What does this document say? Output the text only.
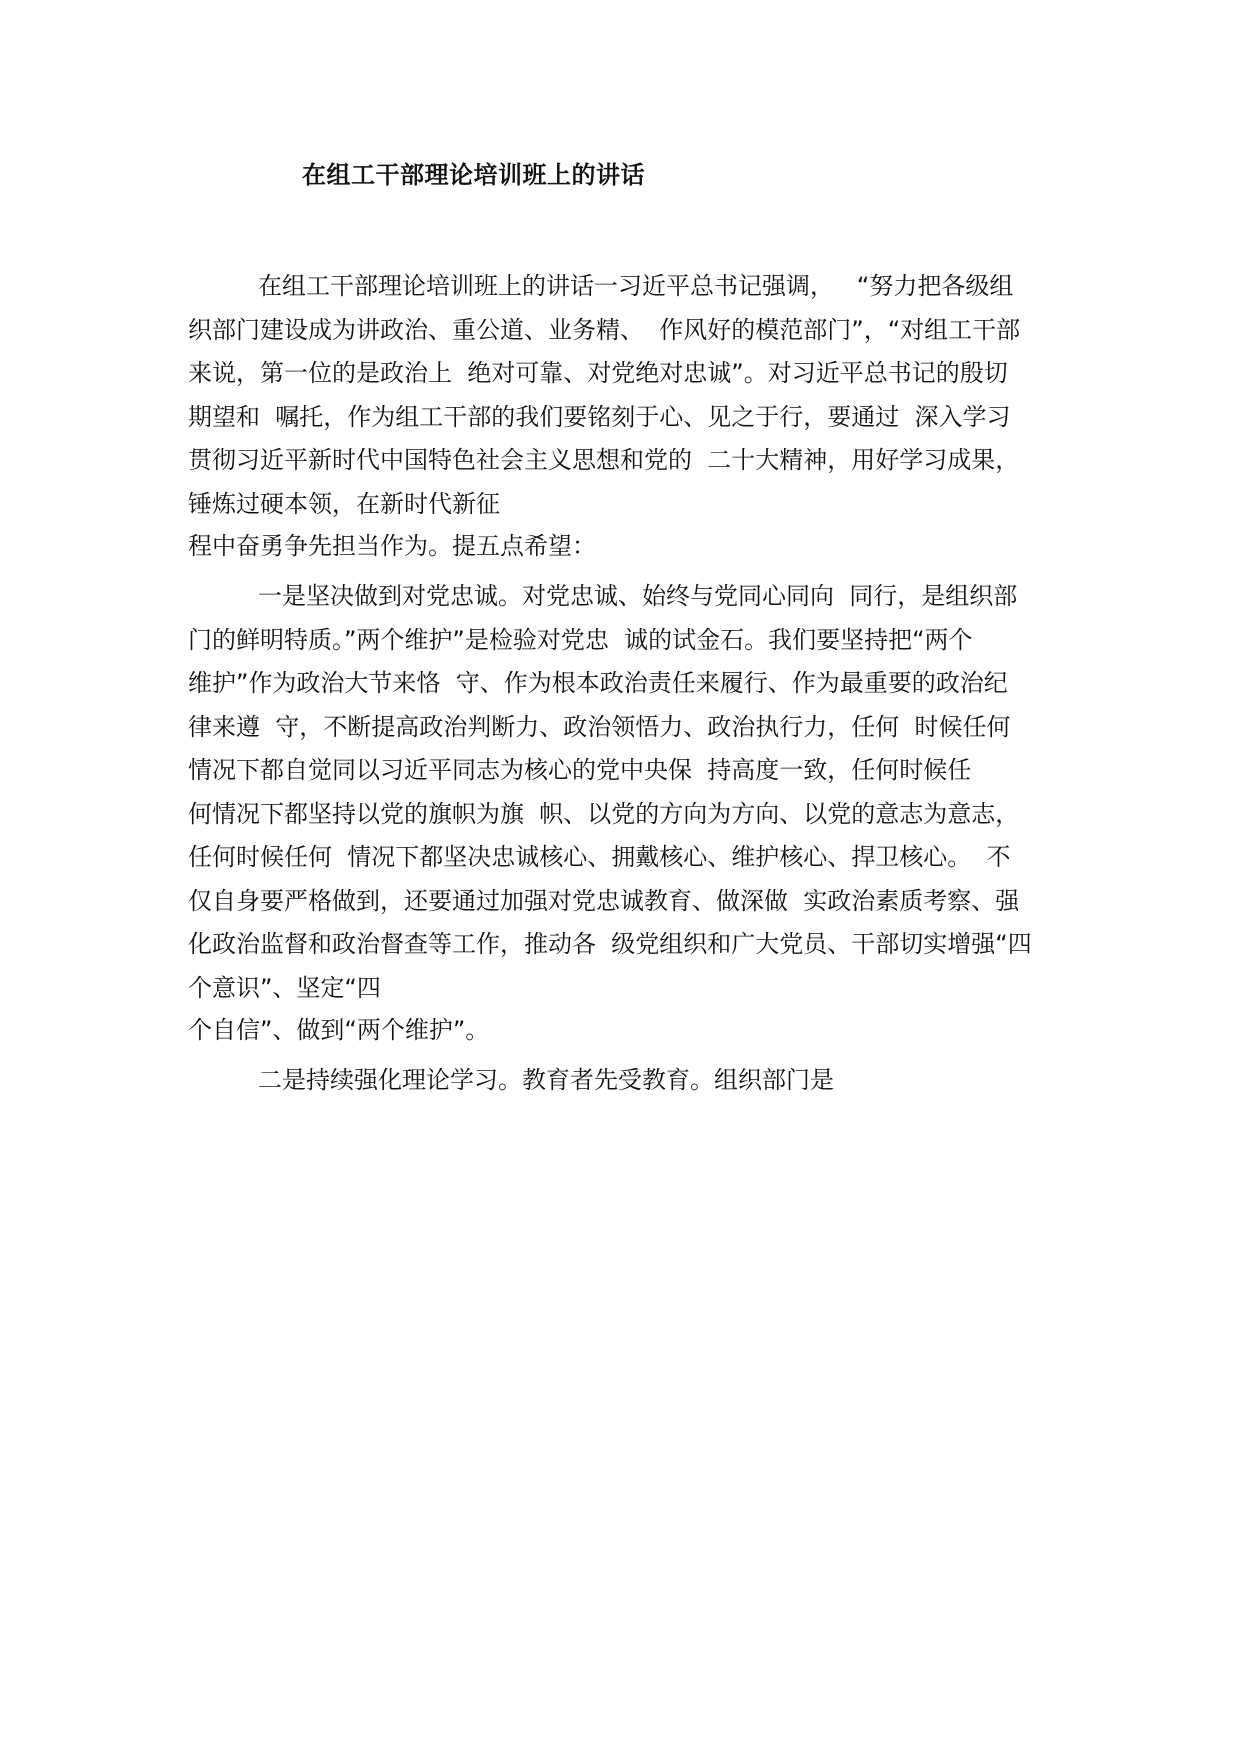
在组工干部理论培训班上的讲话

在组工干部理论培训班上的讲话一习近平总书记强调，   “努力把各级组

织部门建设成为讲政治、重公道、业务精、  作风好的模范部门”，“对组工干部

来说，第一位的是政治上  绝对可靠、对党绝对忠诚”。对习近平总书记的殷切

期望和  嘱托，作为组工干部的我们要铭刻于心、见之于行，要通过  深入学习

贯彻习近平新时代中国特色社会主义思想和党的  二十大精神，用好学习成果，

锤炼过硬本领，在新时代新征

程中奋勇争先担当作为。提五点希望：

一是坚决做到对党忠诚。对党忠诚、始终与党同心同向  同行，是组织部

门的鲜明特质。”两个维护”是检验对党忠  诚的试金石。我们要坚持把“两个

维护”作为政治大节来恪  守、作为根本政治责任来履行、作为最重要的政治纪

律来遵  守，不断提高政治判断力、政治领悟力、政治执行力，任何  时候任何

情况下都自觉同以习近平同志为核心的党中央保  持高度一致，任何时候任

何情况下都坚持以党的旗帜为旗  帜、以党的方向为方向、以党的意志为意志，

任何时候任何  情况下都坚决忠诚核心、拥戴核心、维护核心、捍卫核心。  不

仅自身要严格做到，还要通过加强对党忠诚教育、做深做  实政治素质考察、强

化政治监督和政治督查等工作，推动各  级党组织和广大党员、干部切实增强“四

个意识”、坚定“四

个自信”、做到“两个维护”。

二是持续强化理论学习。教育者先受教育。组织部门是
